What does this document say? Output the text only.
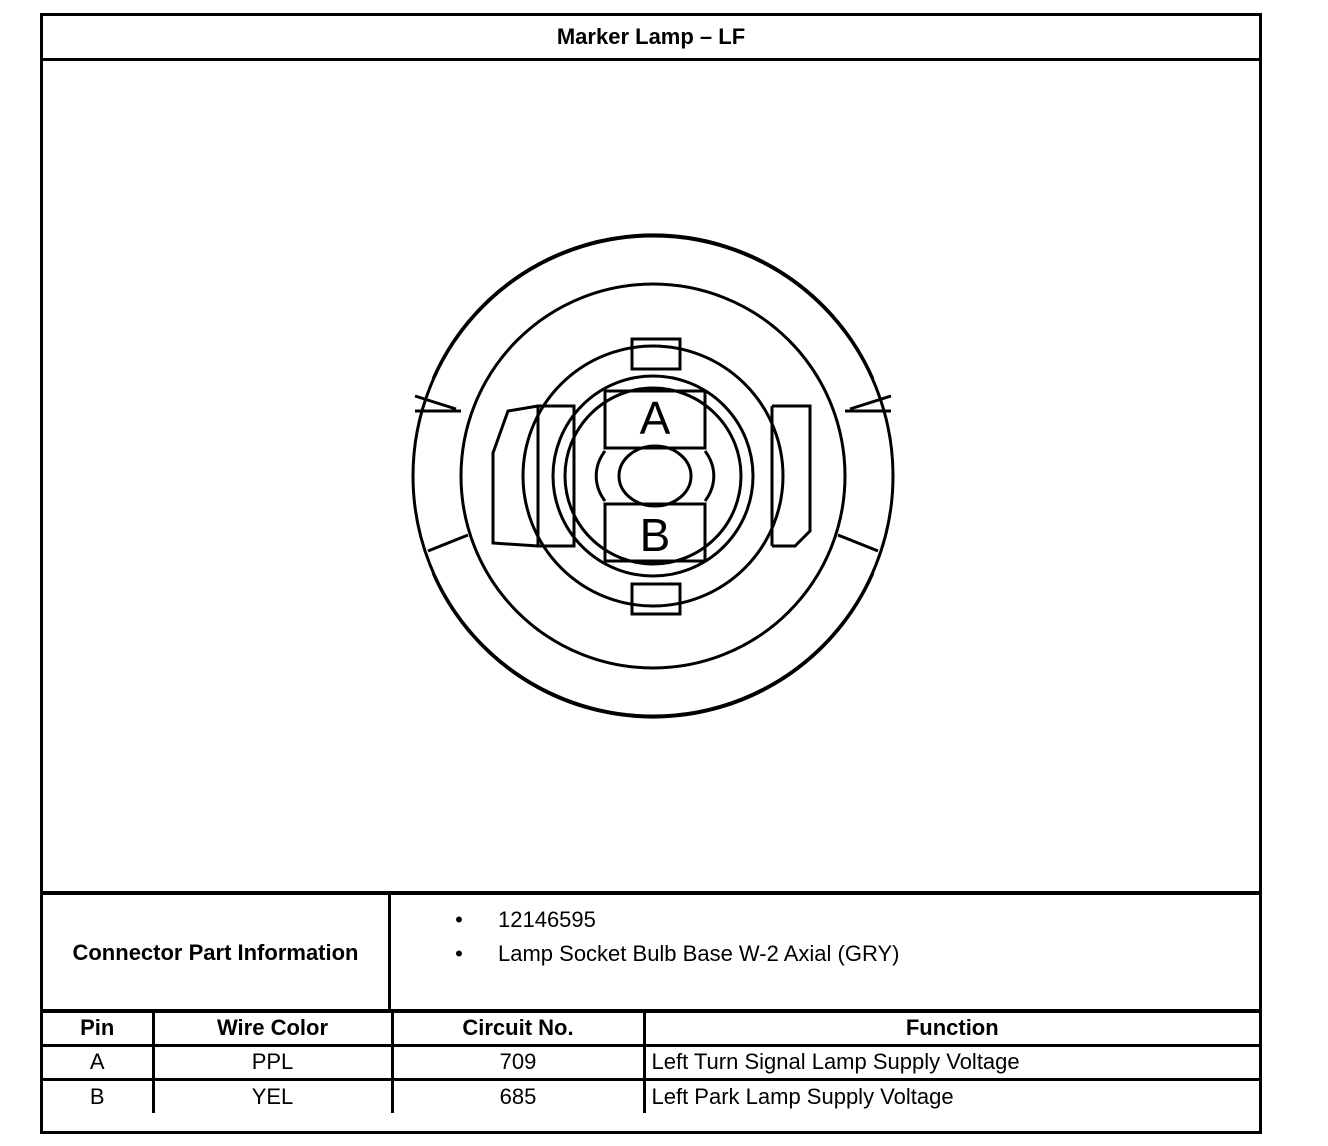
Marker Lamp – LF
A
B
Connector Part Information
• 12146595
• Lamp Socket Bulb Base W-2 Axial (GRY)
Pin	Wire Color	Circuit No.	Function
A	PPL	709	Left Turn Signal Lamp Supply Voltage
B	YEL	685	Left Park Lamp Supply Voltage
